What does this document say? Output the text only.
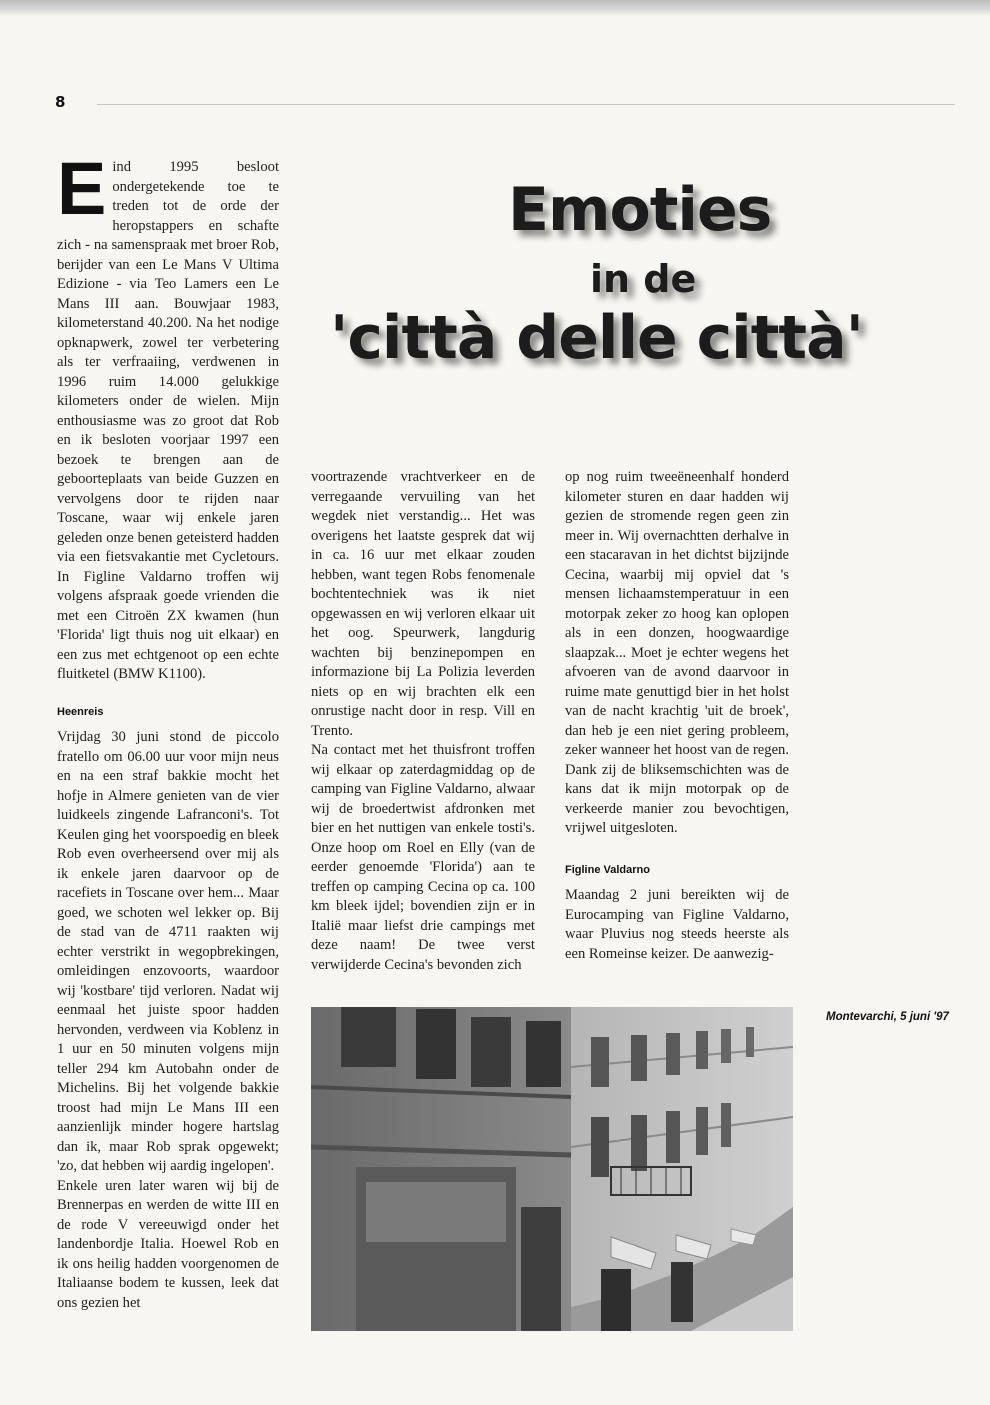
8
Emoties
in de
'città delle città'

Eind 1995 besloot ondergetekende toe te treden tot de orde der heropstappers en schafte zich - na samenspraak met broer Rob, berijder van een Le Mans V Ultima Edizione - via Teo Lamers een Le Mans III aan. Bouwjaar 1983, kilometerstand 40.200. Na het nodige opknapwerk, zowel ter verbetering als ter verfraaiing, verdwenen in 1996 ruim 14.000 gelukkige kilometers onder de wielen. Mijn enthousiasme was zo groot dat Rob en ik besloten voorjaar 1997 een bezoek te brengen aan de geboorteplaats van beide Guzzen en vervolgens door te rijden naar Toscane, waar wij enkele jaren geleden onze benen geteisterd hadden via een fietsvakantie met Cycletours. In Figline Valdarno troffen wij volgens afspraak goede vrienden die met een Citroën ZX kwamen (hun 'Florida' ligt thuis nog uit elkaar) en een zus met echtgenoot op een echte fluitketel (BMW K1100).

Heenreis

Vrijdag 30 juni stond de piccolo fratello om 06.00 uur voor mijn neus en na een straf bakkie mocht het hofje in Almere genieten van de vier luidkeels zingende Lafranconi's. Tot Keulen ging het voorspoedig en bleek Rob even overheersend over mij als ik enkele jaren daarvoor op de racefiets in Toscane over hem... Maar goed, we schoten wel lekker op. Bij de stad van de 4711 raakten wij echter verstrikt in wegopbrekingen, omleidingen enzovoorts, waardoor wij 'kostbare' tijd verloren. Nadat wij eenmaal het juiste spoor hadden hervonden, verdween via Koblenz in 1 uur en 50 minuten volgens mijn teller 294 km Autobahn onder de Michelins. Bij het volgende bakkie troost had mijn Le Mans III een aanzienlijk minder hogere hartslag dan ik, maar Rob sprak opgewekt; 'zo, dat hebben wij aardig ingelopen'.

Enkele uren later waren wij bij de Brennerpas en werden de witte III en de rode V vereeuwigd onder het landenbordje Italia. Hoewel Rob en ik ons heilig hadden voorgenomen de Italiaanse bodem te kussen, leek dat ons gezien het

voortrazende vrachtverkeer en de verregaande vervuiling van het wegdek niet verstandig... Het was overigens het laatste gesprek dat wij in ca. 16 uur met elkaar zouden hebben, want tegen Robs fenomenale bochtentechniek was ik niet opgewassen en wij verloren elkaar uit het oog. Speurwerk, langdurig wachten bij benzinepompen en informazione bij La Polizia leverden niets op en wij brachten elk een onrustige nacht door in resp. Vill en Trento.

Na contact met het thuisfront troffen wij elkaar op zaterdagmiddag op de camping van Figline Valdarno, alwaar wij de broedertwist afdronken met bier en het nuttigen van enkele tosti's. Onze hoop om Roel en Elly (van de eerder genoemde 'Florida') aan te treffen op camping Cecina op ca. 100 km bleek ijdel; bovendien zijn er in Italië maar liefst drie campings met deze naam! De twee verst verwijderde Cecina's bevonden zich

op nog ruim tweeëneenhalf honderd kilometer sturen en daar hadden wij gezien de stromende regen geen zin meer in. Wij overnachtten derhalve in een stacaravan in het dichtst bijzijnde Cecina, waarbij mij opviel dat 's mensen lichaamstemperatuur in een motorpak zeker zo hoog kan oplopen als in een donzen, hoogwaardige slaapzak... Moet je echter wegens het afvoeren van de avond daarvoor in ruime mate genuttigd bier in het holst van de nacht krachtig 'uit de broek', dan heb je een niet gering probleem, zeker wanneer het hoost van de regen. Dank zij de bliksemschichten was de kans dat ik mijn motorpak op de verkeerde manier zou bevochtigen, vrijwel uitgesloten.

Figline Valdarno

Maandag 2 juni bereikten wij de Eurocamping van Figline Valdarno, waar Pluvius nog steeds heerste als een Romeinse keizer. De aanwezig-

Montevarchi, 5 juni '97
